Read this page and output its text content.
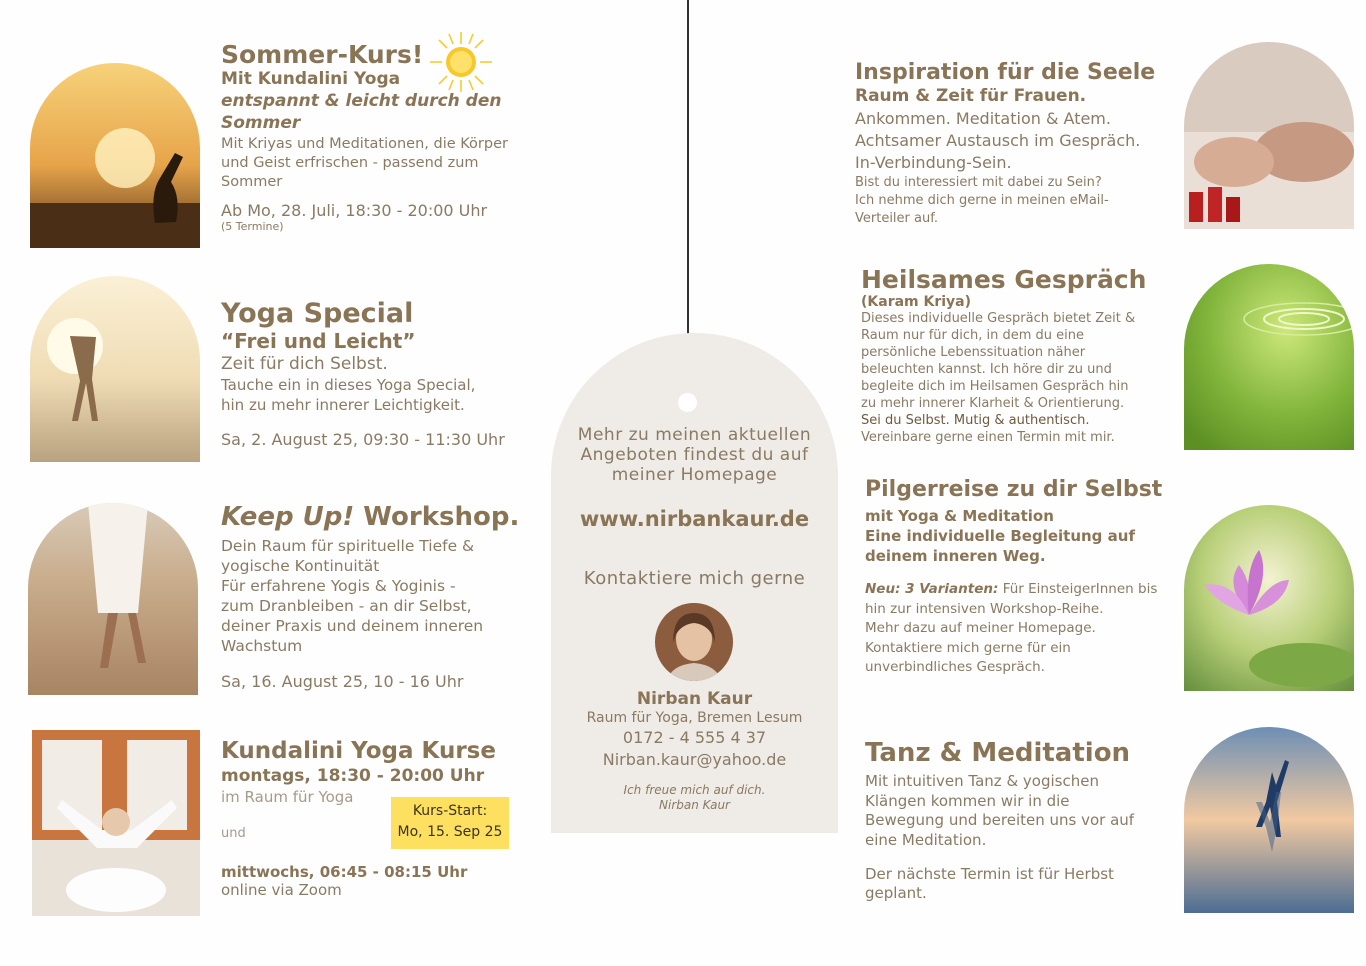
Sommer-Kurs!
Mit Kundalini Yoga
entspannt & leicht durch den
Sommer
Mit Kriyas und Meditationen, die Körper
und Geist erfrischen - passend zum
Sommer
Ab Mo, 28. Juli, 18:30 - 20:00 Uhr
(5 Termine)
Yoga Special
“Frei und Leicht”
Zeit für dich Selbst.
Tauche ein in dieses Yoga Special,
hin zu mehr innerer Leichtigkeit.
Sa, 2. August 25, 09:30 - 11:30 Uhr
Keep Up! Workshop.
Dein Raum für spirituelle Tiefe &
yogische Kontinuität
Für erfahrene Yogis & Yoginis -
zum Dranbleiben - an dir Selbst,
deiner Praxis und deinem inneren
Wachstum
Sa, 16. August 25, 10 - 16 Uhr
Kundalini Yoga Kurse
montags, 18:30 - 20:00 Uhr
im Raum für Yoga
und
mittwochs, 06:45 - 08:15 Uhr
online via Zoom
Kurs-Start:
Mo, 15. Sep 25
Mehr zu meinen aktuellen
Angeboten findest du auf
meiner Homepage
www.nirbankaur.de
Kontaktiere mich gerne
Nirban Kaur
Raum für Yoga, Bremen Lesum
0172 - 4 555 4 37
Nirban.kaur@yahoo.de
Ich freue mich auf dich.
Nirban Kaur
Inspiration für die Seele
Raum & Zeit für Frauen.
Ankommen. Meditation & Atem.
Achtsamer Austausch im Gespräch.
In-Verbindung-Sein.
Bist du interessiert mit dabei zu Sein?
Ich nehme dich gerne in meinen eMail-
Verteiler auf.
Heilsames Gespräch
(Karam Kriya)
Dieses individuelle Gespräch bietet Zeit &
Raum nur für dich, in dem du eine
persönliche Lebenssituation näher
beleuchten kannst. Ich höre dir zu und
begleite dich im Heilsamen Gespräch hin
zu mehr innerer Klarheit & Orientierung.
Sei du Selbst. Mutig & authentisch.
Vereinbare gerne einen Termin mit mir.
Pilgerreise zu dir Selbst
mit Yoga & Meditation
Eine individuelle Begleitung auf
deinem inneren Weg.
Neu: 3 Varianten: Für EinsteigerInnen bis
hin zur intensiven Workshop-Reihe.
Mehr dazu auf meiner Homepage.
Kontaktiere mich gerne für ein
unverbindliches Gespräch.
Tanz & Meditation
Mit intuitiven Tanz & yogischen
Klängen kommen wir in die
Bewegung und bereiten uns vor auf
eine Meditation.
Der nächste Termin ist für Herbst
geplant.
